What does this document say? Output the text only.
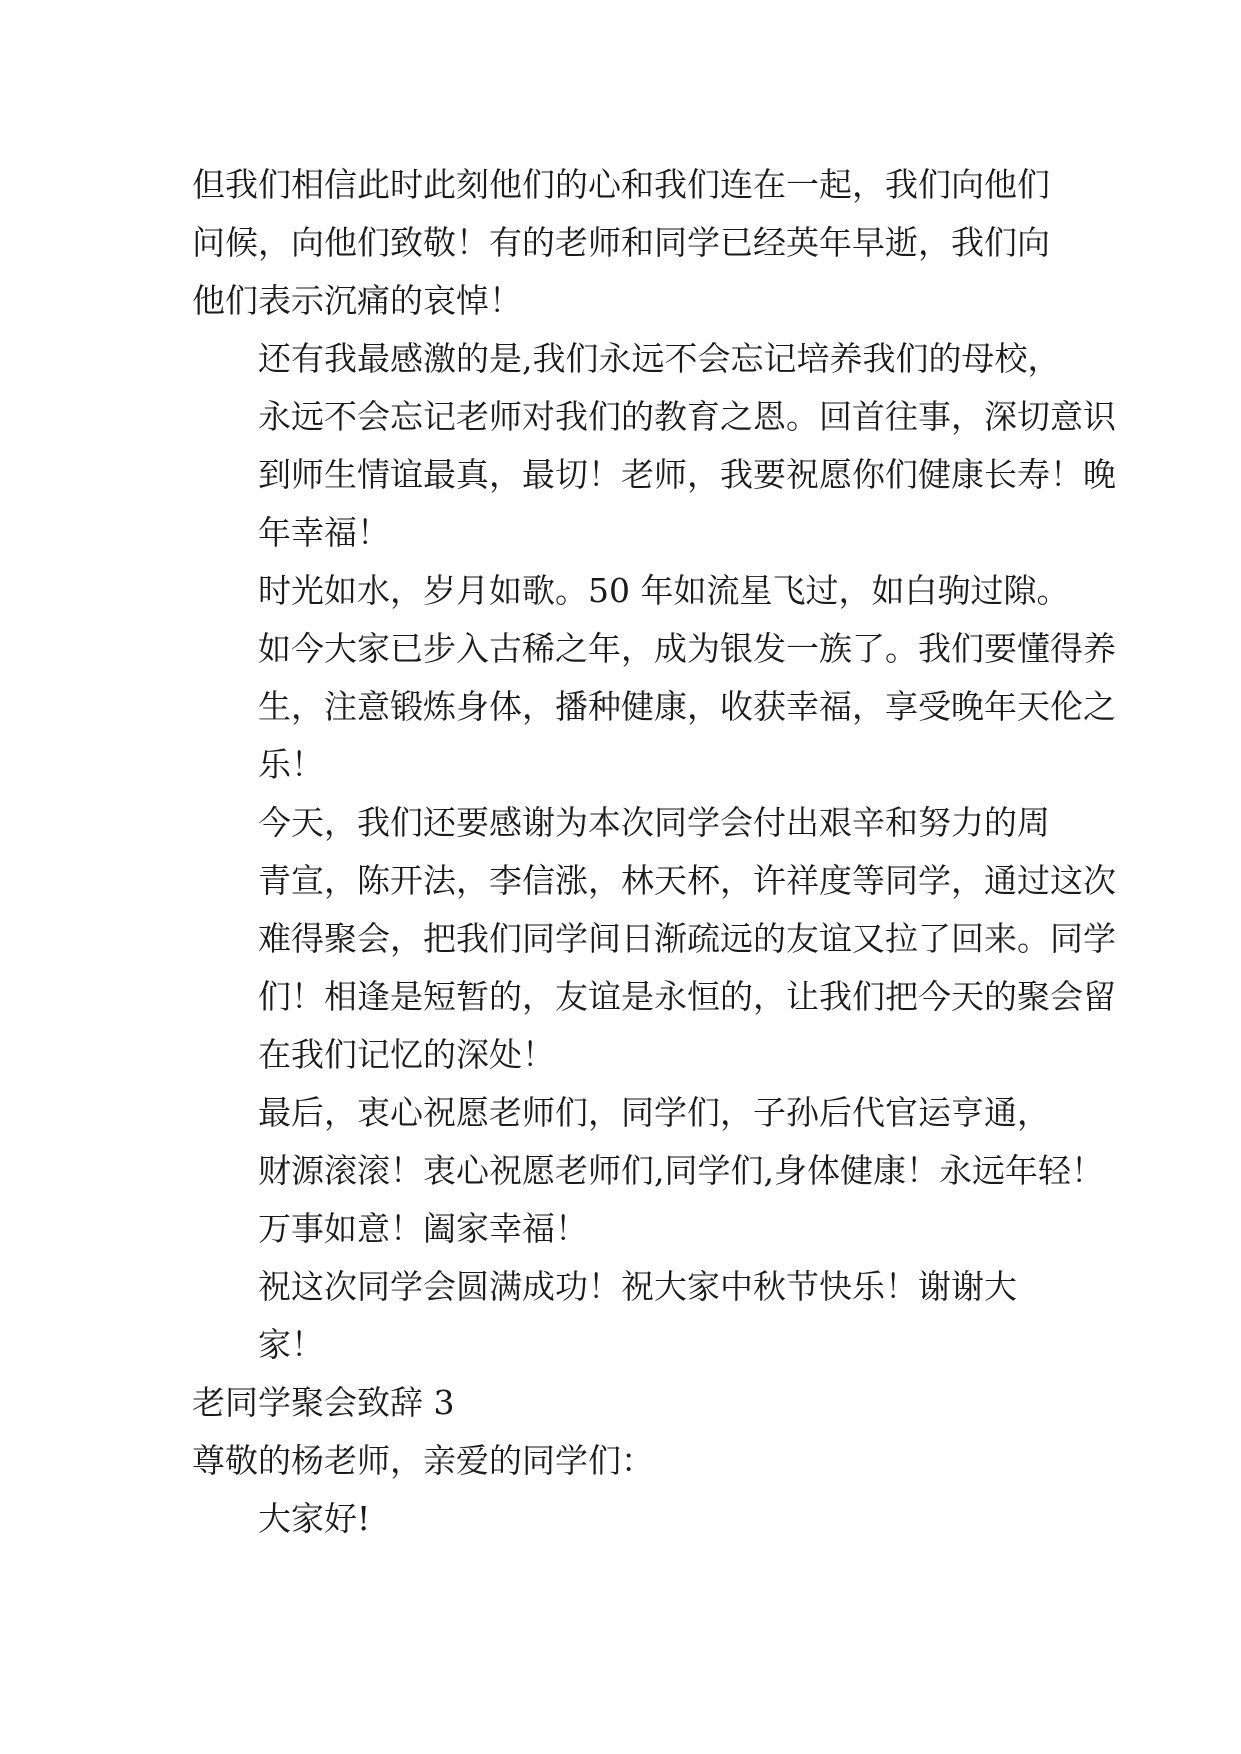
但我们相信此时此刻他们的心和我们连在一起，我们向他们
问候，向他们致敬！有的老师和同学已经英年早逝，我们向
他们表示沉痛的哀悼！
还有我最感激的是,我们永远不会忘记培养我们的母校，
永远不会忘记老师对我们的教育之恩。回首往事，深切意识
到师生情谊最真，最切！老师，我要祝愿你们健康长寿！晚
年幸福！
时光如水，岁月如歌。50 年如流星飞过，如白驹过隙。
如今大家已步入古稀之年，成为银发一族了。我们要懂得养
生，注意锻炼身体，播种健康，收获幸福，享受晚年天伦之
乐！
今天，我们还要感谢为本次同学会付出艰辛和努力的周
青宣，陈开法，李信涨，林天杯，许祥度等同学，通过这次
难得聚会，把我们同学间日渐疏远的友谊又拉了回来。同学
们！相逢是短暂的，友谊是永恒的，让我们把今天的聚会留
在我们记忆的深处！
最后，衷心祝愿老师们，同学们，子孙后代官运亨通，
财源滚滚！衷心祝愿老师们,同学们,身体健康！永远年轻！
万事如意！阖家幸福！
祝这次同学会圆满成功！祝大家中秋节快乐！谢谢大
家！
老同学聚会致辞 3
尊敬的杨老师，亲爱的同学们：
大家好!
